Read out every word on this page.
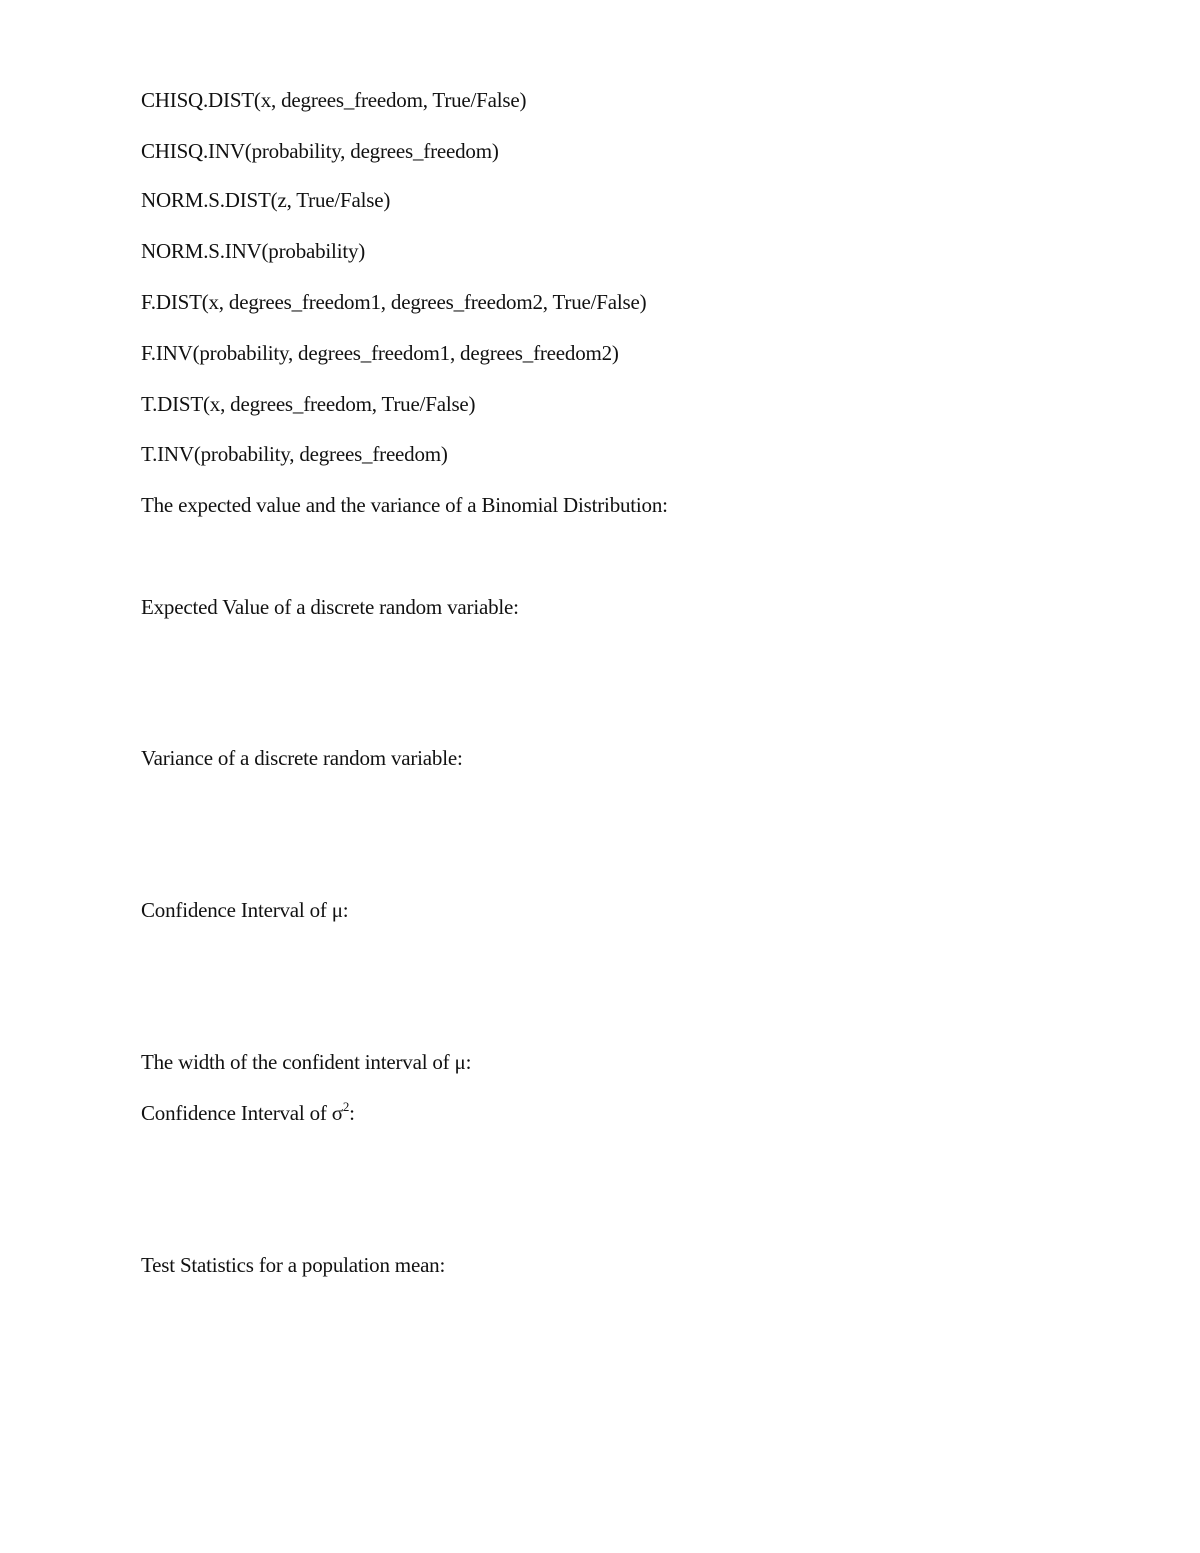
CHISQ.DIST(x, degrees_freedom, True/False)
CHISQ.INV(probability, degrees_freedom)
NORM.S.DIST(z, True/False)
NORM.S.INV(probability)
F.DIST(x, degrees_freedom1, degrees_freedom2, True/False)
F.INV(probability, degrees_freedom1, degrees_freedom2)
T.DIST(x, degrees_freedom, True/False)
T.INV(probability, degrees_freedom)
The expected value and the variance of a Binomial Distribution:
Expected Value of a discrete random variable:
Variance of a discrete random variable:
Confidence Interval of μ:
The width of the confident interval of μ:
Confidence Interval of $\sigma^2$:
Test Statistics for a population mean:
